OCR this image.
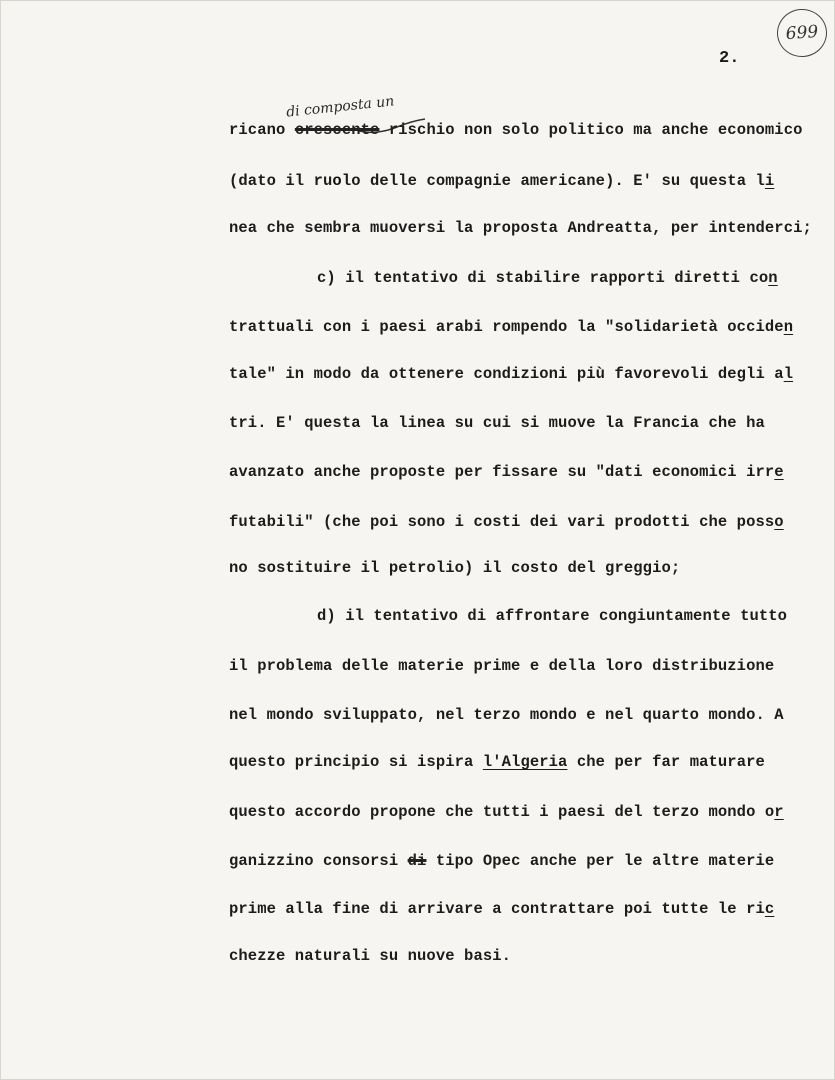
699
2.
di composta un
ricano crescente rischio non solo politico ma anche economico
(dato il ruolo delle compagnie americane). E' su questa li
nea che sembra muoversi la proposta Andreatta, per intenderci;
c) il tentativo di stabilire rapporti diretti con
trattuali con i paesi arabi rompendo la "solidarietà occiden
tale" in modo da ottenere condizioni più favorevoli degli al
tri. E' questa la linea su cui si muove la Francia che ha
avanzato anche proposte per fissare su "dati economici irre
futabili" (che poi sono i costi dei vari prodotti che posso
no sostituire il petrolio) il costo del greggio;
d) il tentativo di affrontare congiuntamente tutto
il problema delle materie prime e della loro distribuzione
nel mondo sviluppato, nel terzo mondo e nel quarto mondo. A
questo principio si ispira l'Algeria che per far maturare
questo accordo propone che tutti i paesi del terzo mondo or
ganizzino consorsi di tipo Opec anche per le altre materie
prime alla fine di arrivare a contrattare poi tutte le ric
chezze naturali su nuove basi.
